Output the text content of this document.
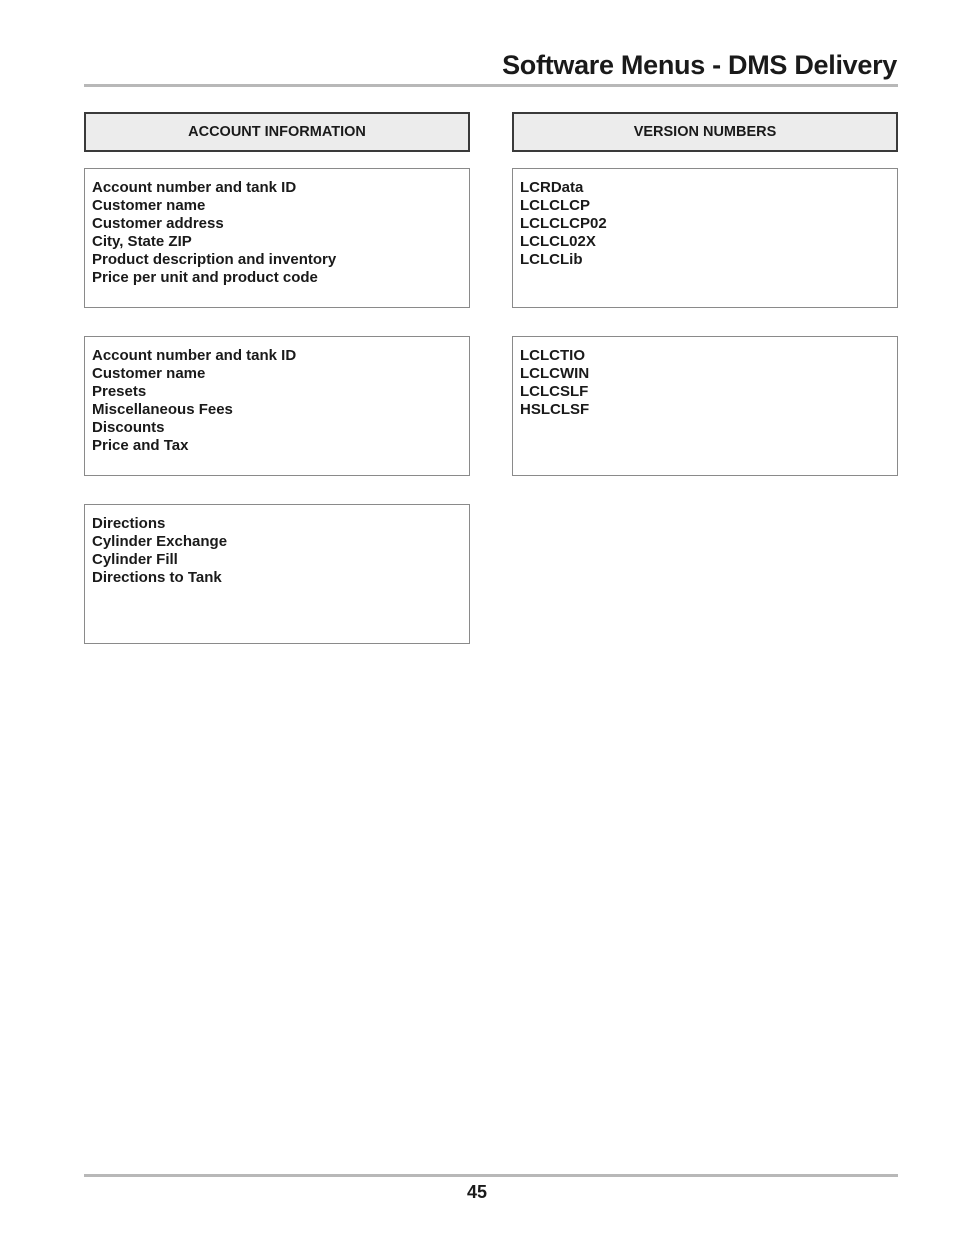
Software Menus - DMS Delivery
ACCOUNT INFORMATION	VERSION NUMBERS
Account number and tank ID
Customer name
Customer address
City, State ZIP
Product description and inventory
Price per unit and product code
LCRData
LCLCLCP
LCLCLCP02
LCLCL02X
LCLCLib
Account number and tank ID
Customer name
Presets
Miscellaneous Fees
Discounts
Price and Tax
LCLCTIO
LCLCWIN
LCLCSLF
HSLCLSF
Directions
Cylinder Exchange
Cylinder Fill
Directions to Tank
45
